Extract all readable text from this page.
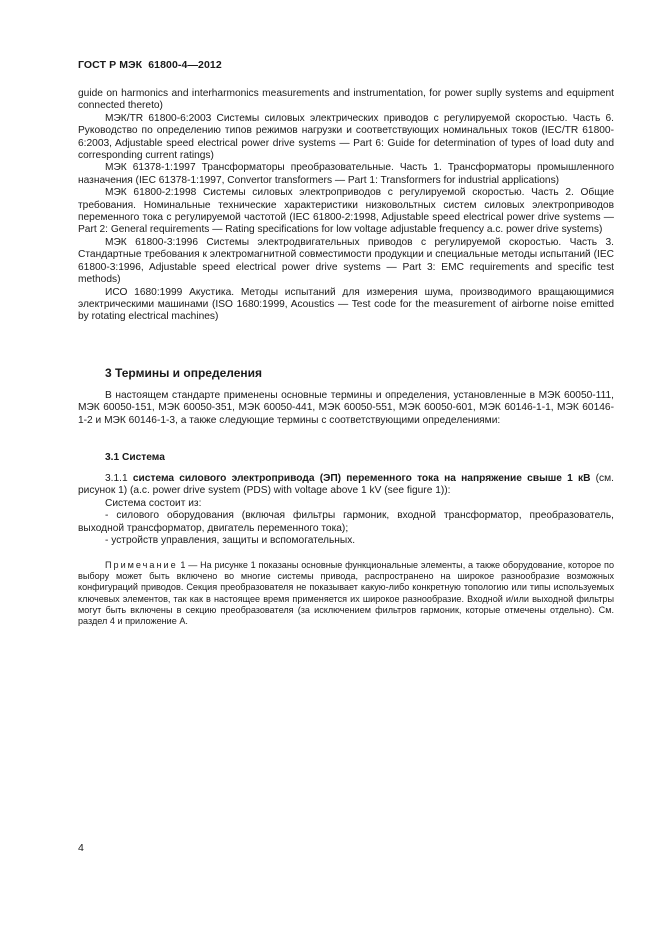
ГОСТ Р МЭК  61800-4—2012

guide on harmonics and interharmonics measurements and instrumentation, for power suplly systems and equipment connected thereto)

МЭК/TR 61800-6:2003 Системы силовых электрических приводов с регулируемой скоростью. Часть 6. Руководство по определению типов режимов нагрузки и соответствующих номинальных токов (IEC/TR 61800-6:2003, Adjustable speed electrical power drive systems — Part 6: Guide for determination of types of load duty and corresponding current ratings)

МЭК 61378-1:1997 Трансформаторы преобразовательные. Часть 1. Трансформаторы промышленного назначения (IEC 61378-1:1997, Convertor transformers — Part 1: Transformers for industrial applications)

МЭК 61800-2:1998 Системы силовых электроприводов с регулируемой скоростью. Часть 2. Общие требования. Номинальные технические характеристики низковольтных систем силовых электроприводов переменного тока с регулируемой частотой (IEC 61800-2:1998, Adjustable speed electrical power drive systems — Part 2: General requirements — Rating specifications for low voltage adjustable frequency a.c. power drive systems)

МЭК 61800-3:1996 Системы электродвигательных приводов с регулируемой скоростью. Часть 3. Стандартные требования к электромагнитной совместимости продукции и специальные методы испытаний (IEC 61800-3:1996, Adjustable speed electrical power drive systems — Part 3: EMC requirements and specific test methods)

ИСО 1680:1999 Акустика. Методы испытаний для измерения шума, производимого вращающимися электрическими машинами (ISO 1680:1999, Acoustics — Test code for the measurement of airborne noise emitted by rotating electrical machines)

3 Термины и определения

В настоящем стандарте применены основные термины и определения, установленные в МЭК 60050-111, МЭК 60050-151, МЭК 60050-351, МЭК 60050-441, МЭК 60050-551, МЭК 60050-601, МЭК 60146-1-1, МЭК 60146-1-2 и МЭК 60146-1-3, а также следующие термины с соответствующими определениями:

3.1 Система

3.1.1 система силового электропривода (ЭП) переменного тока на напряжение свыше 1 кВ (см. рисунок 1) (a.c. power drive system (PDS) with voltage above 1 kV (see figure 1)):

Система состоит из:

- силового оборудования (включая фильтры гармоник, входной трансформатор, преобразователь, выходной трансформатор, двигатель переменного тока);

- устройств управления, защиты и вспомогательных.

Примечание 1 — На рисунке 1 показаны основные функциональные элементы, а также оборудование, которое по выбору может быть включено во многие системы привода, распространено на широкое разнообразие возможных конфигураций приводов. Секция преобразователя не показывает какую-либо конкретную топологию или типы используемых ключевых элементов, так как в настоящее время применяется их широкое разнообразие. Входной и/или выходной фильтры могут быть включены в секцию преобразователя (за исключением фильтров гармоник, которые отмечены отдельно). См. раздел 4 и приложение А.

4
